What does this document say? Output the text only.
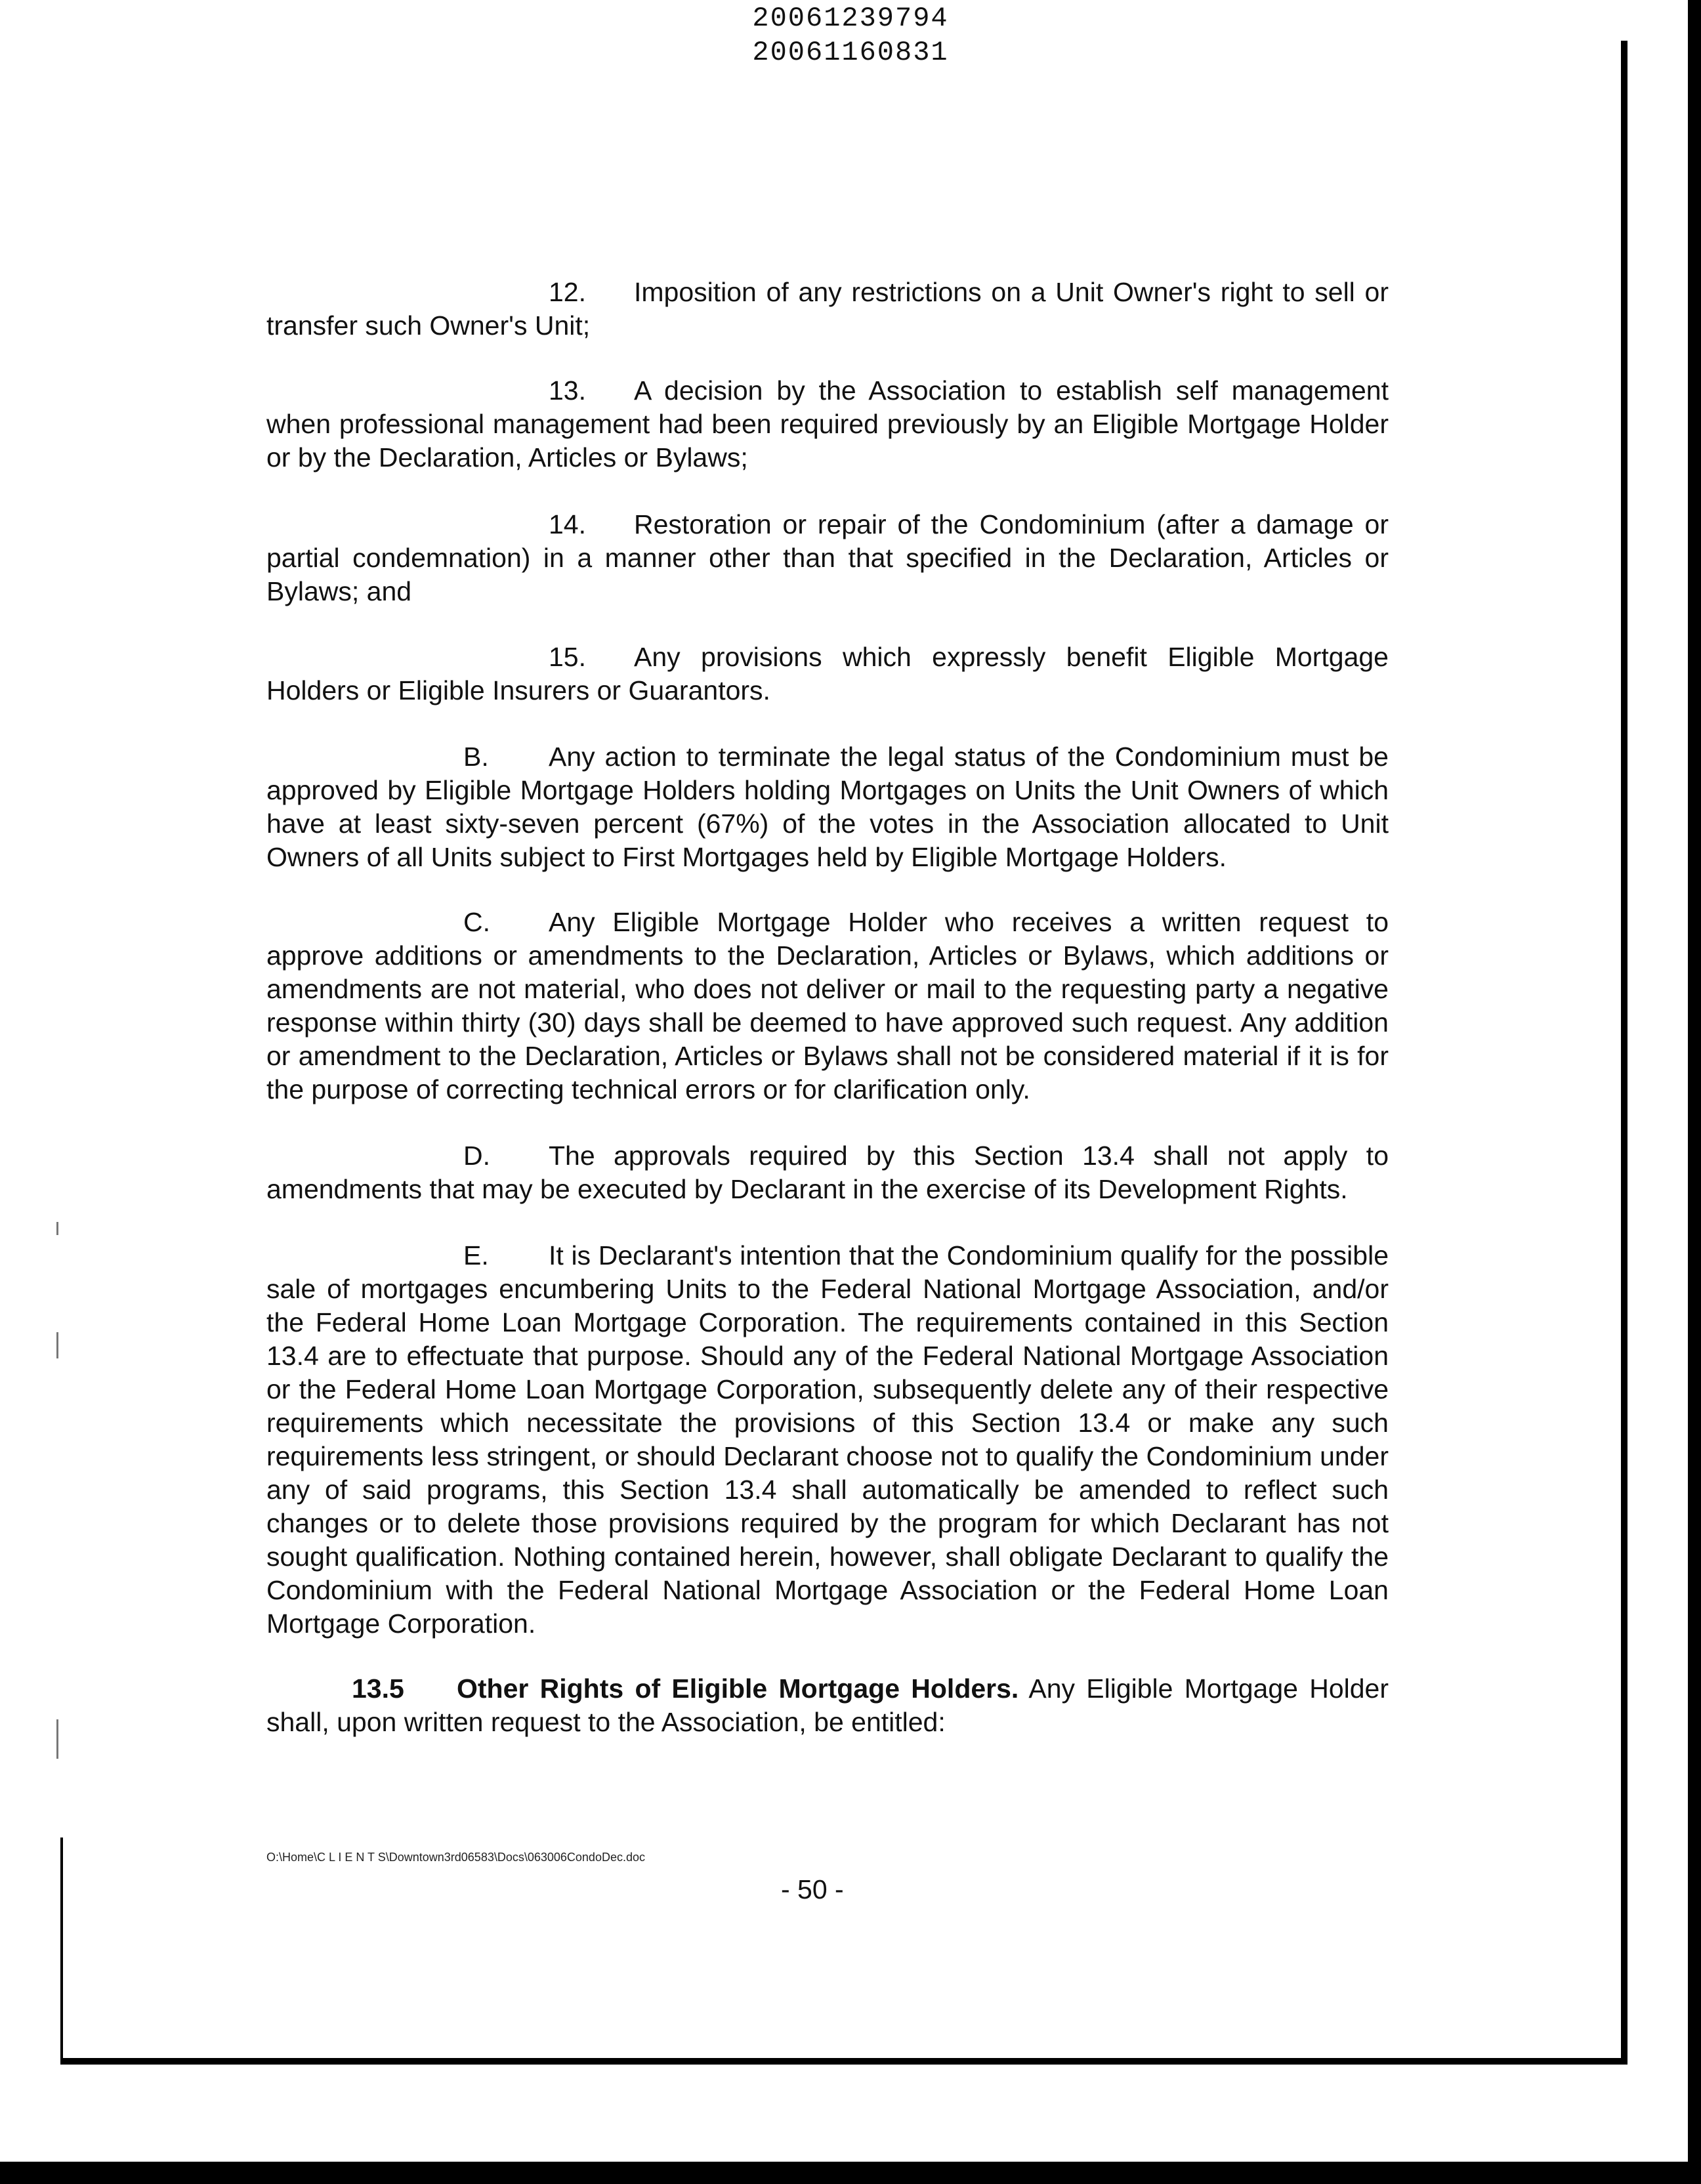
20061239794
20061160831

12. Imposition of any restrictions on a Unit Owner's right to sell or transfer such Owner's Unit;

13. A decision by the Association to establish self management when professional management had been required previously by an Eligible Mortgage Holder or by the Declaration, Articles or Bylaws;

14. Restoration or repair of the Condominium (after a damage or partial condemnation) in a manner other than that specified in the Declaration, Articles or Bylaws; and

15. Any provisions which expressly benefit Eligible Mortgage Holders or Eligible Insurers or Guarantors.

B. Any action to terminate the legal status of the Condominium must be approved by Eligible Mortgage Holders holding Mortgages on Units the Unit Owners of which have at least sixty-seven percent (67%) of the votes in the Association allocated to Unit Owners of all Units subject to First Mortgages held by Eligible Mortgage Holders.

C. Any Eligible Mortgage Holder who receives a written request to approve additions or amendments to the Declaration, Articles or Bylaws, which additions or amendments are not material, who does not deliver or mail to the requesting party a negative response within thirty (30) days shall be deemed to have approved such request. Any addition or amendment to the Declaration, Articles or Bylaws shall not be considered material if it is for the purpose of correcting technical errors or for clarification only.

D. The approvals required by this Section 13.4 shall not apply to amendments that may be executed by Declarant in the exercise of its Development Rights.

E. It is Declarant's intention that the Condominium qualify for the possible sale of mortgages encumbering Units to the Federal National Mortgage Association, and/or the Federal Home Loan Mortgage Corporation. The requirements contained in this Section 13.4 are to effectuate that purpose. Should any of the Federal National Mortgage Association or the Federal Home Loan Mortgage Corporation, subsequently delete any of their respective requirements which necessitate the provisions of this Section 13.4 or make any such requirements less stringent, or should Declarant choose not to qualify the Condominium under any of said programs, this Section 13.4 shall automatically be amended to reflect such changes or to delete those provisions required by the program for which Declarant has not sought qualification. Nothing contained herein, however, shall obligate Declarant to qualify the Condominium with the Federal National Mortgage Association or the Federal Home Loan Mortgage Corporation.

13.5 Other Rights of Eligible Mortgage Holders. Any Eligible Mortgage Holder shall, upon written request to the Association, be entitled:

O:\Home\C L I E N T S\Downtown3rd06583\Docs\063006CondoDec.doc
- 50 -
